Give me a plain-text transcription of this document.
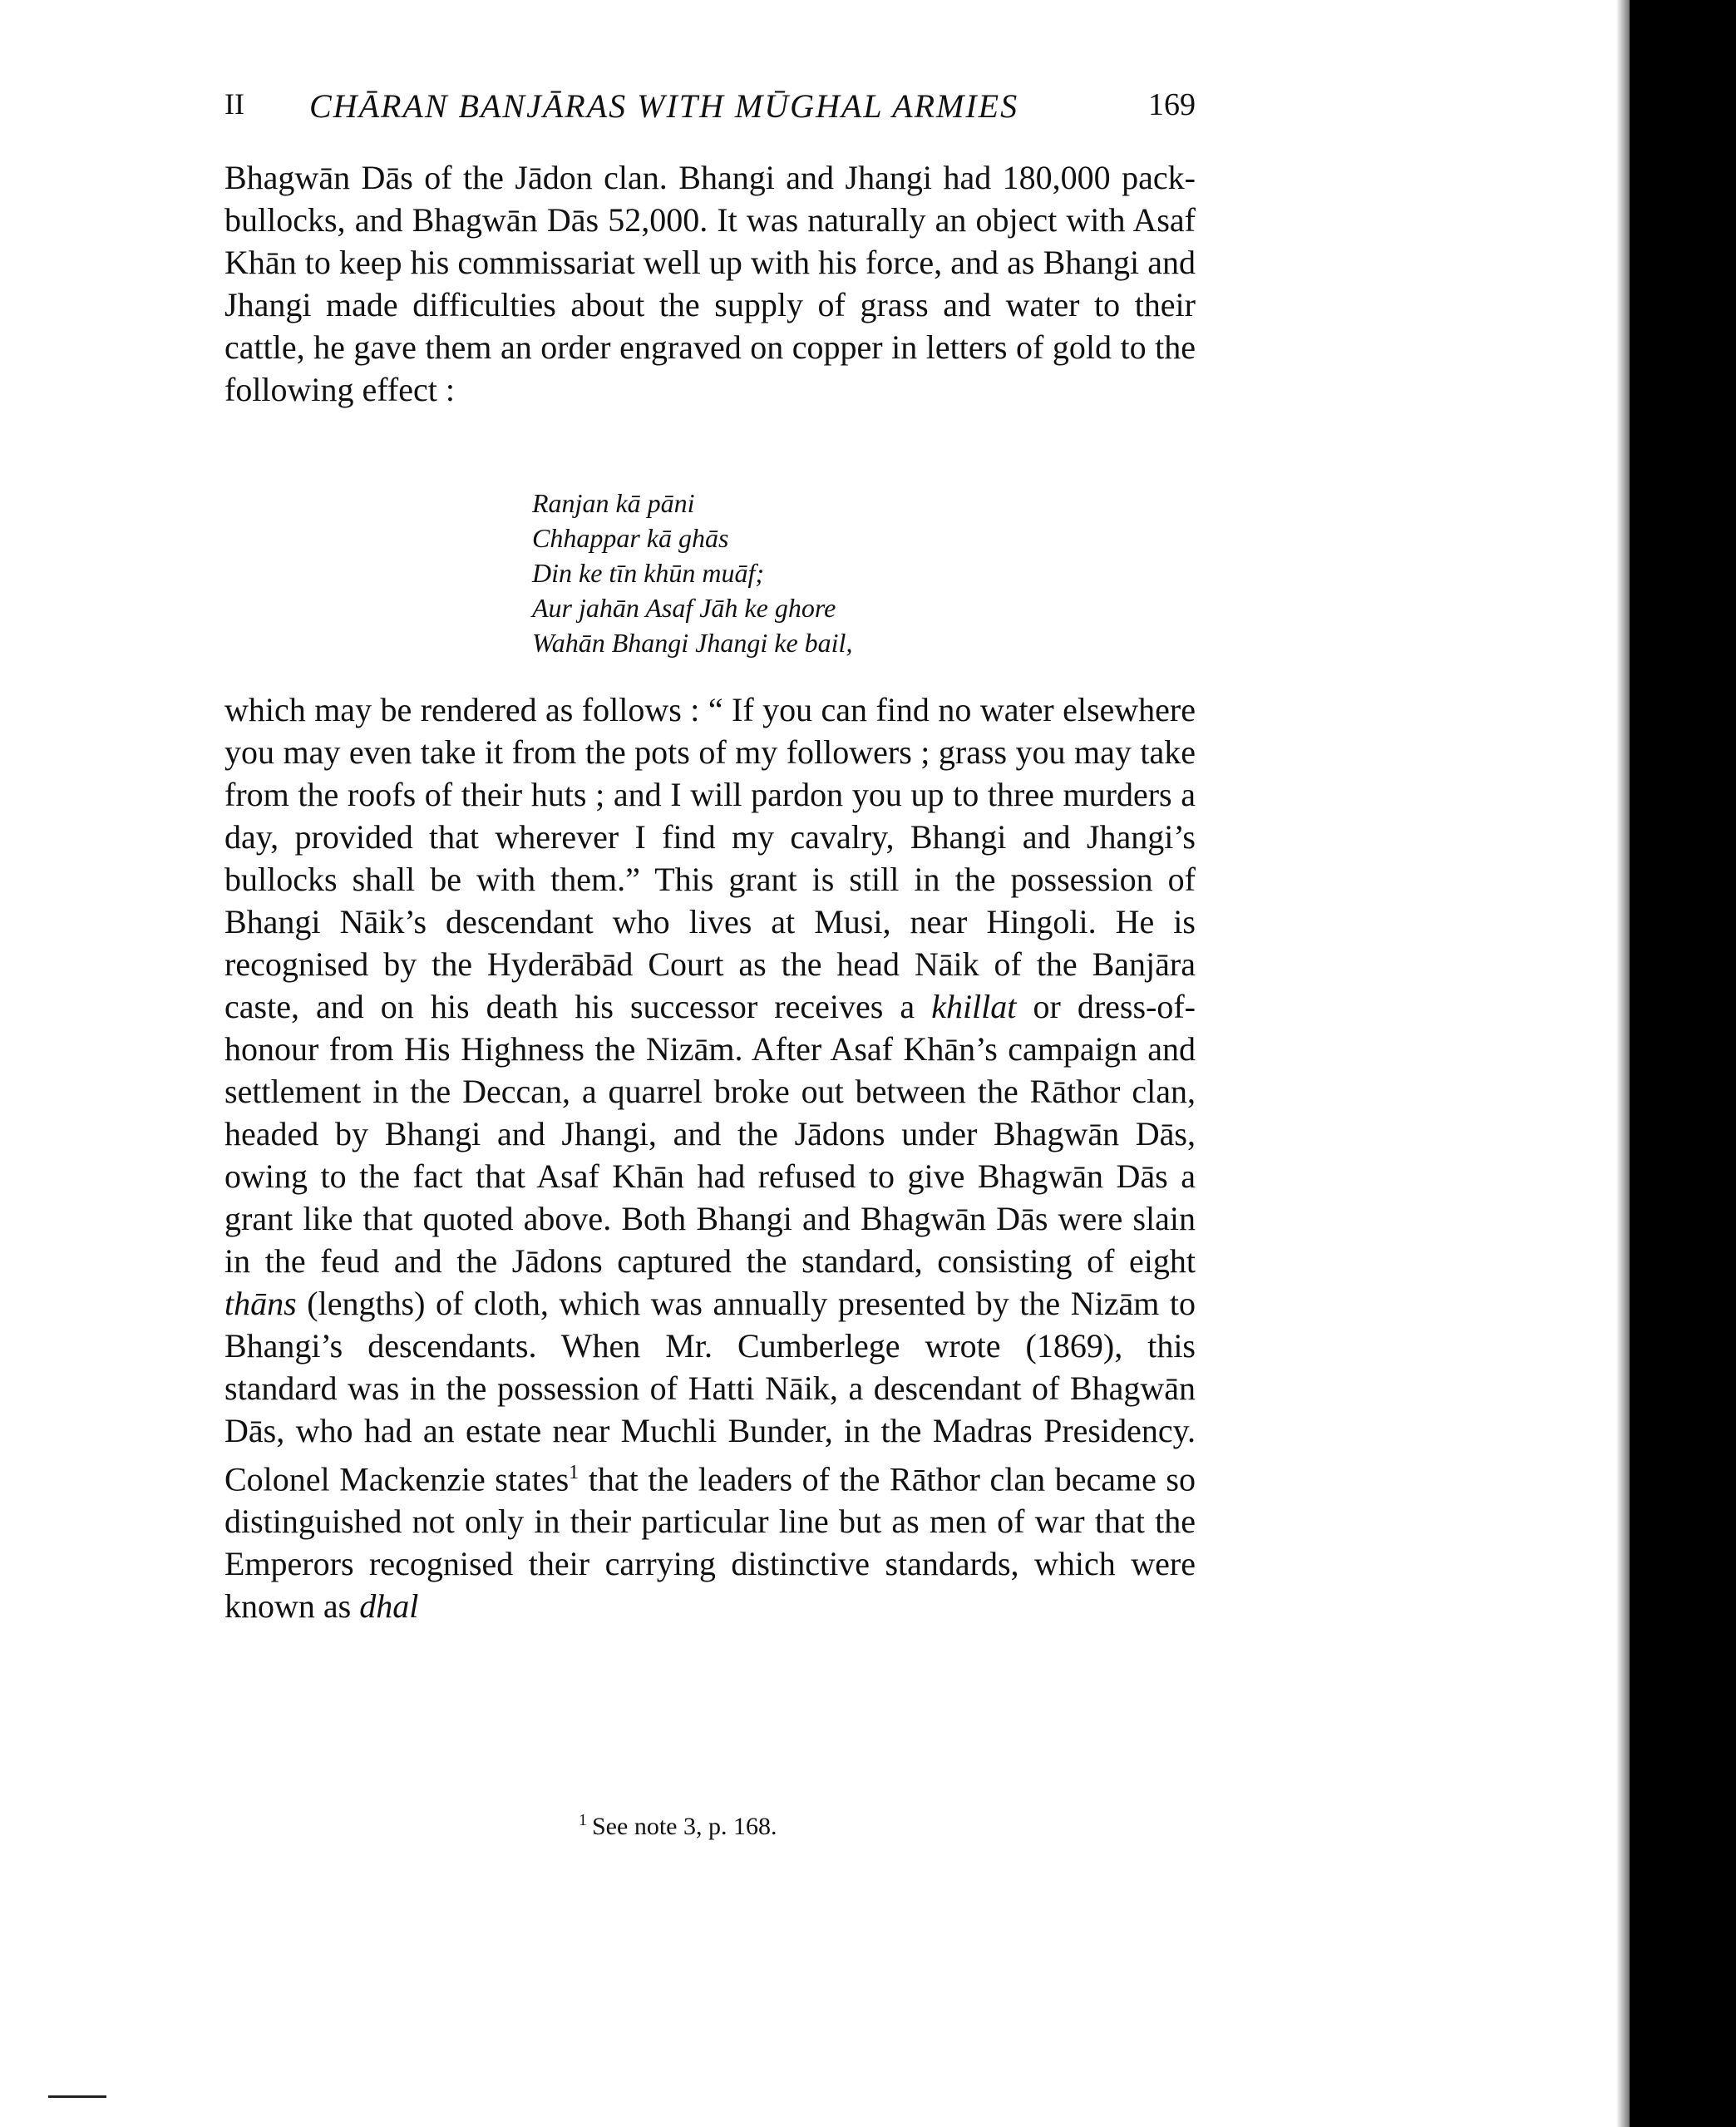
II CHĀRAN BANJĀRAS WITH MŪGHAL ARMIES	169

Bhagwān Dās of the Jādon clan. Bhangi and Jhangi had 180,000 pack-bullocks, and Bhagwān Dās 52,000. It was naturally an object with Asaf Khān to keep his commissariat well up with his force, and as Bhangi and Jhangi made difficulties about the supply of grass and water to their cattle, he gave them an order engraved on copper in letters of gold to the following effect :

Ranjan kā pāni
Chhappar kā ghās
Din ke tīn khūn muāf;
Aur jahān Asaf Jāh ke ghore
Wahān Bhangi Jhangi ke bail,

which may be rendered as follows : “ If you can find no water elsewhere you may even take it from the pots of my followers ; grass you may take from the roofs of their huts ; and I will pardon you up to three murders a day, provided that wherever I find my cavalry, Bhangi and Jhangi’s bullocks shall be with them.” This grant is still in the possession of Bhangi Nāik’s descendant who lives at Musi, near Hingoli. He is recognised by the Hyderābād Court as the head Nāik of the Banjāra caste, and on his death his successor receives a khillat or dress-of-honour from His Highness the Nizām. After Asaf Khān’s campaign and settlement in the Deccan, a quarrel broke out between the Rāthor clan, headed by Bhangi and Jhangi, and the Jādons under Bhagwān Dās, owing to the fact that Asaf Khān had refused to give Bhagwān Dās a grant like that quoted above. Both Bhangi and Bhagwān Dās were slain in the feud and the Jādons captured the standard, consisting of eight thāns (lengths) of cloth, which was annually presented by the Nizām to Bhangi’s descendants. When Mr. Cumberlege wrote (1869), this standard was in the possession of Hatti Nāik, a descendant of Bhagwān Dās, who had an estate near Muchli Bunder, in the Madras Presidency. Colonel Mackenzie states$^1$ that the leaders of the Rāthor clan became so distinguished not only in their particular line but as men of war that the Emperors recognised their carrying distinctive standards, which were known as dhal

$^1$ See note 3, p. 168.
